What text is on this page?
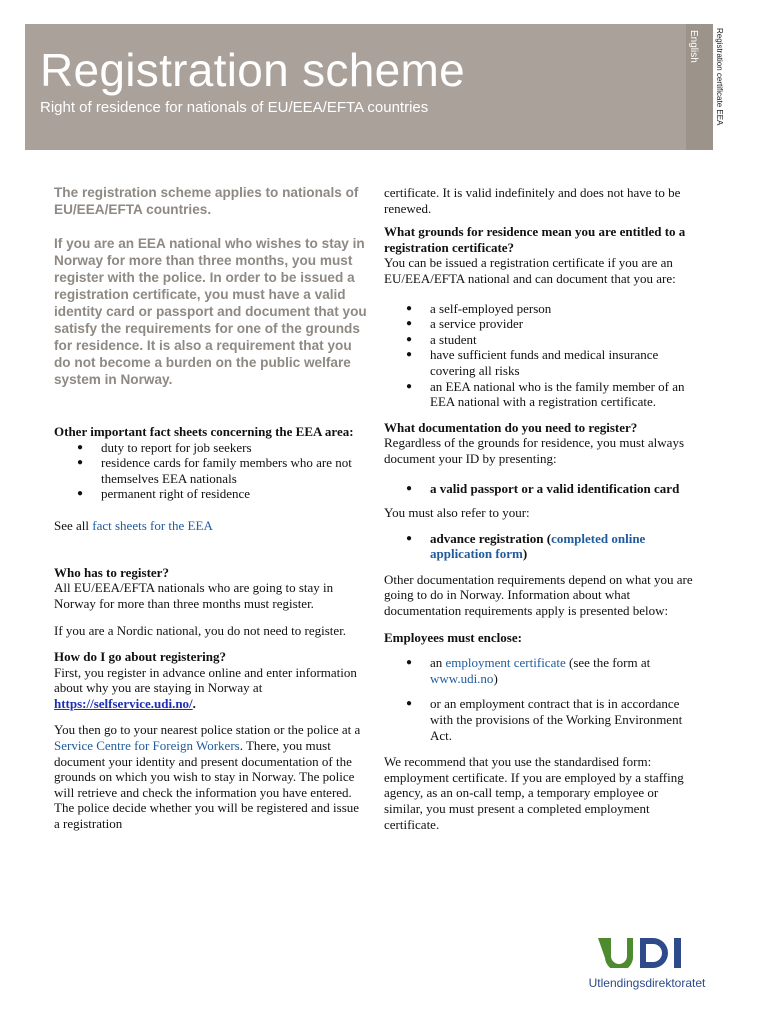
Registration scheme
Right of residence for nationals of EU/EEA/EFTA countries
English Registration certificate EEA

The registration scheme applies to nationals of EU/EEA/EFTA countries.

If you are an EEA national who wishes to stay in Norway for more than three months, you must register with the police. In order to be issued a registration certificate, you must have a valid identity card or passport and document that you satisfy the requirements for one of the grounds for residence. It is also a requirement that you do not become a burden on the public welfare system in Norway.

Other important fact sheets concerning the EEA area:
● duty to report for job seekers
● residence cards for family members who are not themselves EEA nationals
● permanent right of residence

See all fact sheets for the EEA

Who has to register?

All EU/EEA/EFTA nationals who are going to stay in Norway for more than three months must register.

If you are a Nordic national, you do not need to register.

How do I go about registering?

First, you register in advance online and enter information about why you are staying in Norway at https://selfservice.udi.no/.

You then go to your nearest police station or the police at a Service Centre for Foreign Workers. There, you must document your identity and present documentation of the grounds on which you wish to stay in Norway. The police will retrieve and check the information you have entered. The police decide whether you will be registered and issue a registration

certificate. It is valid indefinitely and does not have to be renewed.

What grounds for residence mean you are entitled to a registration certificate?

You can be issued a registration certificate if you are an EU/EEA/EFTA national and can document that you are:

● a self-employed person
● a service provider
● a student
● have sufficient funds and medical insurance covering all risks
● an EEA national who is the family member of an EEA national with a registration certificate.
What documentation do you need to register?

Regardless of the grounds for residence, you must always document your ID by presenting:

● a valid passport or a valid identification card

You must also refer to your:

● advance registration (completed online application form)

Other documentation requirements depend on what you are going to do in Norway. Information about what documentation requirements apply is presented below:

Employees must enclose:
● an employment certificate (see the form at www.udi.no)
● or an employment contract that is in accordance with the provisions of the Working Environment Act.

We recommend that you use the standardised form: employment certificate. If you are employed by a staffing agency, as an on-call temp, a temporary employee or similar, you must present a completed employment certificate.

Utlendingsdirektoratet
